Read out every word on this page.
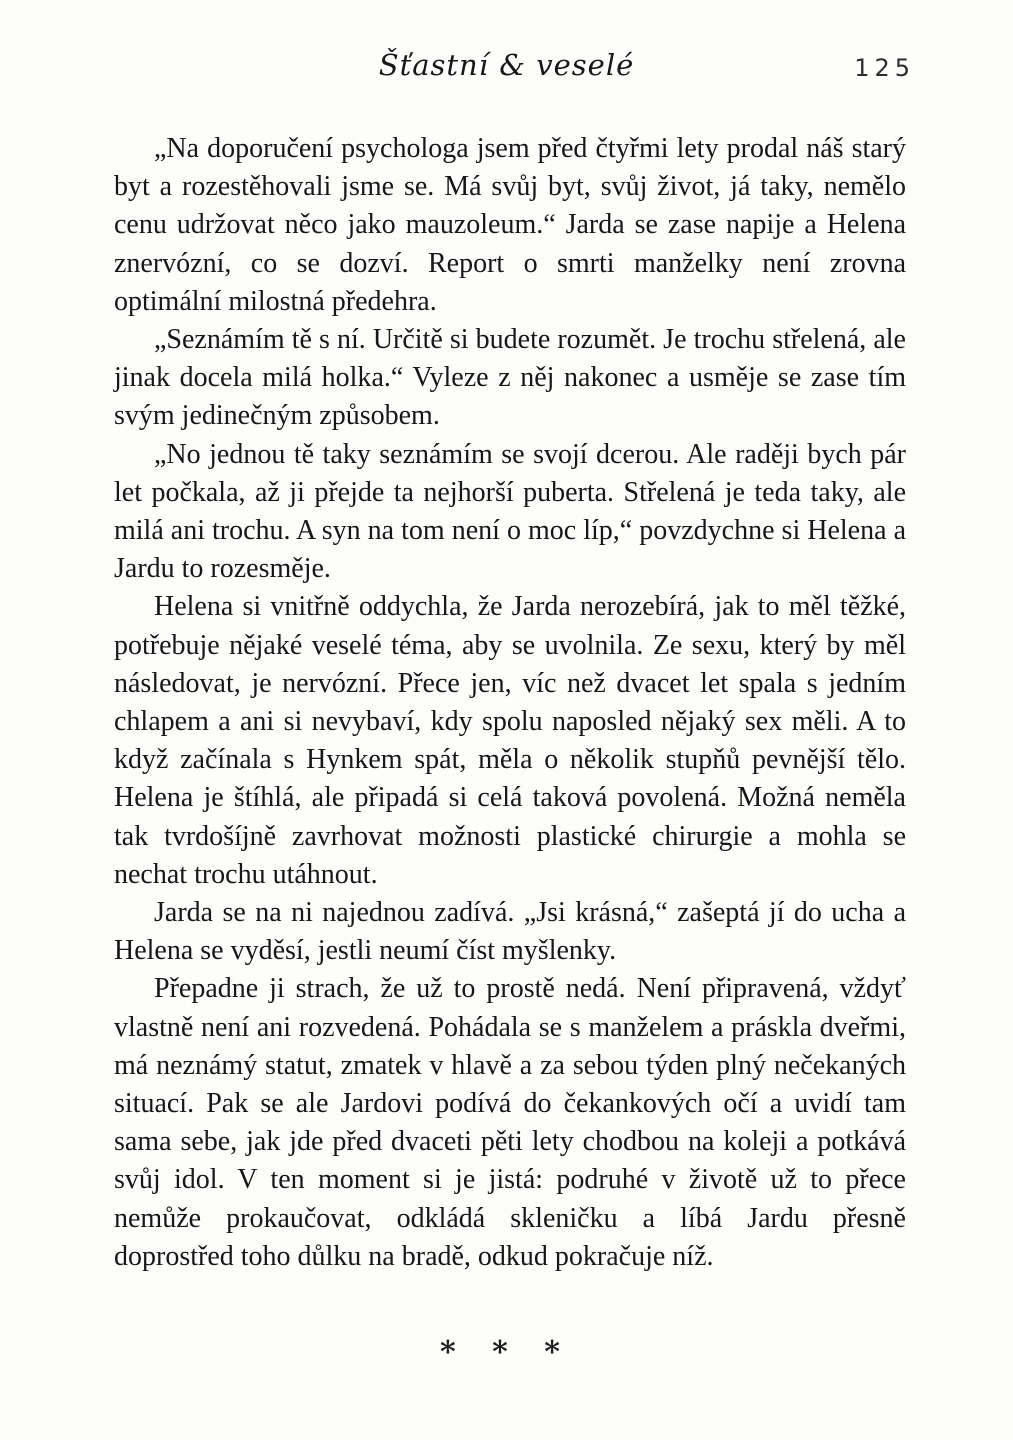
Šťastní & veselé	125

„Na doporučení psychologa jsem před čtyřmi lety prodal náš starý byt a rozestěhovali jsme se. Má svůj byt, svůj život, já taky, nemělo cenu udržovat něco jako mauzoleum.“ Jarda se zase napije a Helena znervózní, co se dozví. Report o smrti manželky není zrovna optimální milostná předehra.

„Seznámím tě s ní. Určitě si budete rozumět. Je trochu střelená, ale jinak docela milá holka.“ Vyleze z něj nakonec a usměje se zase tím svým jedinečným způsobem.

„No jednou tě taky seznámím se svojí dcerou. Ale raději bych pár let počkala, až ji přejde ta nejhorší puberta. Střelená je teda taky, ale milá ani trochu. A syn na tom není o moc líp,“ povzdychne si Helena a Jardu to rozesměje.

Helena si vnitřně oddychla, že Jarda nerozebírá, jak to měl těžké, potřebuje nějaké veselé téma, aby se uvolnila. Ze sexu, který by měl následovat, je nervózní. Přece jen, víc než dvacet let spala s jedním chlapem a ani si nevybaví, kdy spolu naposled nějaký sex měli. A to když začínala s Hynkem spát, měla o několik stupňů pevnější tělo. Helena je štíhlá, ale připadá si celá taková povolená. Možná neměla tak tvrdošíjně zavrhovat možnosti plastické chirurgie a mohla se nechat trochu utáhnout.

Jarda se na ni najednou zadívá. „Jsi krásná,“ zašeptá jí do ucha a Helena se vyděsí, jestli neumí číst myšlenky.

Přepadne ji strach, že už to prostě nedá. Není připravená, vždyť vlastně není ani rozvedená. Pohádala se s manželem a práskla dveřmi, má neznámý statut, zmatek v hlavě a za sebou týden plný nečekaných situací. Pak se ale Jardovi podívá do čekankových očí a uvidí tam sama sebe, jak jde před dvaceti pěti lety chodbou na koleji a potkává svůj idol. V ten moment si je jistá: podruhé v životě už to přece nemůže prokaučovat, odkládá skleničku a líbá Jardu přesně doprostřed toho důlku na bradě, odkud pokračuje níž.

* * *
